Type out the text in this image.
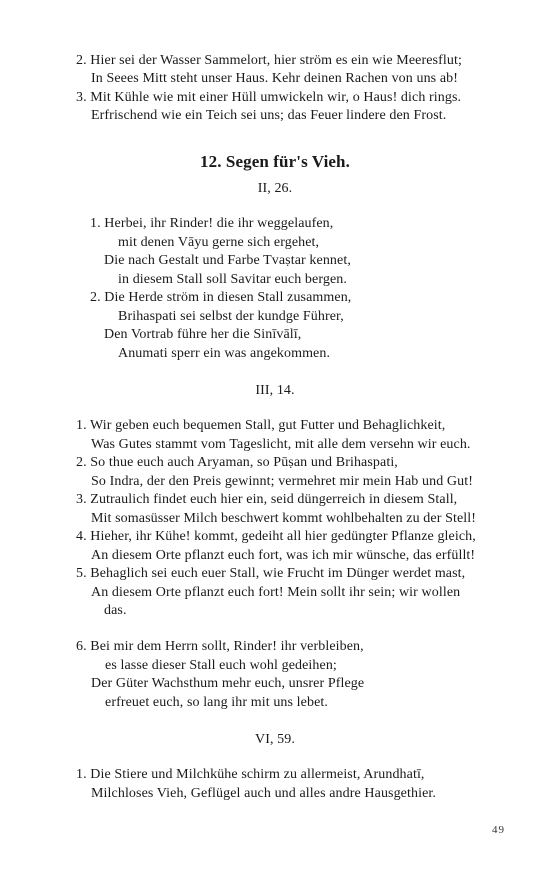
2. Hier sei der Wasser Sammelort, hier ström es ein wie Meeresflut;
In Seees Mitt steht unser Haus. Kehr deinen Rachen von uns ab!
3. Mit Kühle wie mit einer Hüll umwickeln wir, o Haus! dich rings.
Erfrischend wie ein Teich sei uns; das Feuer lindere den Frost.
12. Segen für's Vieh.
II, 26.
1. Herbei, ihr Rinder! die ihr weggelaufen,
mit denen Vāyu gerne sich ergehet,
Die nach Gestalt und Farbe Tvaṣtar kennet,
in diesem Stall soll Savitar euch bergen.
2. Die Herde ström in diesen Stall zusammen,
Brihaspati sei selbst der kundge Führer,
Den Vortrab führe her die Sinīvālī,
Anumati sperr ein was angekommen.
III, 14.
1. Wir geben euch bequemen Stall, gut Futter und Behaglichkeit,
Was Gutes stammt vom Tageslicht, mit alle dem versehn wir euch.
2. So thue euch auch Aryaman, so Pūṣan und Brihaspati,
So Indra, der den Preis gewinnt; vermehret mir mein Hab und Gut!
3. Zutraulich findet euch hier ein, seid düngerreich in diesem Stall,
Mit somasüsser Milch beschwert kommt wohlbehalten zu der Stell!
4. Hieher, ihr Kühe! kommt, gedeiht all hier gedüngter Pflanze gleich,
An diesem Orte pflanzt euch fort, was ich mir wünsche, das erfüllt!
5. Behaglich sei euch euer Stall, wie Frucht im Dünger werdet mast,
An diesem Orte pflanzt euch fort! Mein sollt ihr sein; wir wollen
das.
6. Bei mir dem Herrn sollt, Rinder! ihr verbleiben,
es lasse dieser Stall euch wohl gedeihen;
Der Güter Wachsthum mehr euch, unsrer Pflege
erfreuet euch, so lang ihr mit uns lebet.
VI, 59.
1. Die Stiere und Milchkühe schirm zu allermeist, Arundhatī,
Milchloses Vieh, Geflügel auch und alles andre Hausgethier.
49
